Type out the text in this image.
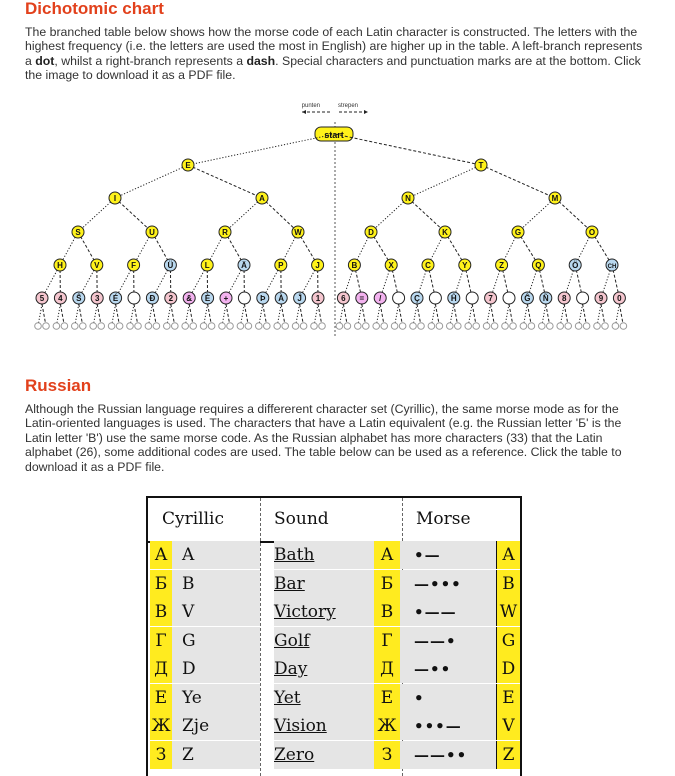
Dichotomic chart

The branched table below shows how the morse code of each Latin character is constructed. The letters with the highest frequency (i.e. the letters are used the most in English) are higher up in the table. A left-branch represents a dot, whilst a right-branch represents a dash. Special characters and punctuation marks are at the bottom. Click the image to download it as a PDF file.

punten	strepen
start
E	T
I	A	N	M
S	U	R	W	D	K	G	O
H	V	F	Ü	L	Ä	P	J	B	X	C	Y	Z	Q	Ö	CH
5 4 Ŝ 3 É	Ð 2 & È +	Þ À Ĵ 1	6 = /	Ç	Ĥ	7	Ĝ Ñ 8	9 0
Russian

Although the Russian language requires a differerent character set (Cyrillic), the same morse mode as for the Latin-oriented languages is used. The characters that have a Latin equivalent (e.g. the Russian letter 'Б' is the Latin letter 'B') use the same morse code. As the Russian alphabet has more characters (33) that the Latin alphabet (26), some additional codes are used. The table below can be used as a reference. Click the table to download it as a PDF file.

Cyrillic	Sound	Morse
А A	Bath	А	•—	A
Б B	Bar	Б	—•••	B
В V	Victory	В	•——	W
Г G	Golf	Г	——•	G
Д D	Day	Д	—••	D
Е Ye	Yet	Е	•	E
Ж Zje	Vision	Ж •••—	V
З Z	Zero	З	——••	Z
